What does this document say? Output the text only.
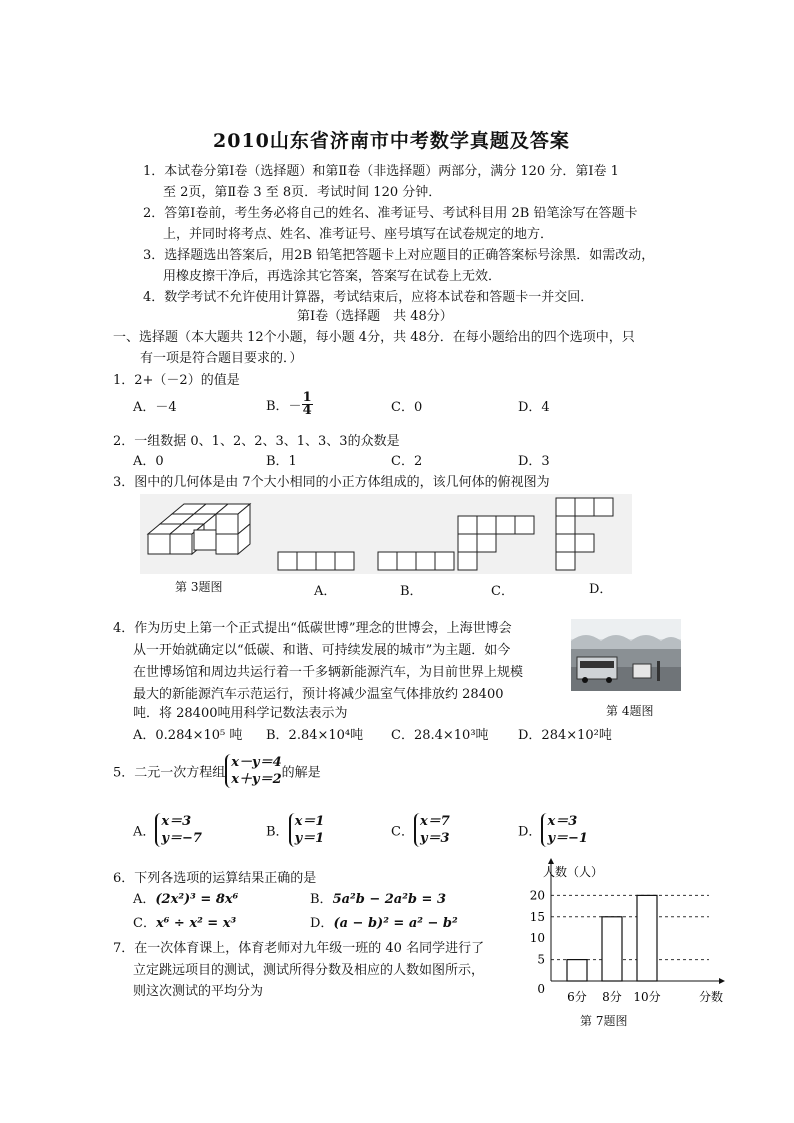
2010山东省济南市中考数学真题及答案
1．本试卷分第Ⅰ卷（选择题）和第Ⅱ卷（非选择题）两部分，满分 120 分．第Ⅰ卷 1
至 2页，第Ⅱ卷 3 至 8页．考试时间 120 分钟．
2．答第Ⅰ卷前，考生务必将自己的姓名、准考证号、考试科目用 2B 铅笔涂写在答题卡
上，并同时将考点、姓名、准考证号、座号填写在试卷规定的地方．
3．选择题选出答案后，用2B 铅笔把答题卡上对应题目的正确答案标号涂黑．如需改动，
用橡皮擦干净后，再选涂其它答案，答案写在试卷上无效．
4．数学考试不允许使用计算器，考试结束后，应将本试卷和答题卡一并交回．
第Ⅰ卷（选择题　共 48分）
一、选择题（本大题共 12个小题，每小题 4分，共 48分．在每小题给出的四个选项中，只
有一项是符合题目要求的．）
1．2+（－2）的值是
A．－4	B．－ $\frac{1}{4}$	C．0	D．4
2．一组数据 0、1、2、2、3、1、3、3的众数是
A．0	B．1	C．2	D．3
3．图中的几何体是由 7个大小相同的小正方体组成的，该几何体的俯视图为
第 3题图	A．	B．	C．	D．
4．作为历史上第一个正式提出“低碳世博”理念的世博会，上海世博会
从一开始就确定以“低碳、和谐、可持续发展的城市”为主题．如今
在世博场馆和周边共运行着一千多辆新能源汽车，为目前世界上规模
最大的新能源汽车示范运行，预计将减少温室气体排放约 28400
吨．将 28400吨用科学记数法表示为	第 4题图
A．0.284×10⁵ 吨 B．2.84×10⁴吨 C．28.4×10³吨 D．284×10²吨
5．二元一次方程组
x－y＝4
x＋y＝2 的解是
A．
x＝3
y＝−7	B．
x＝1
y＝1	C．
x＝7
y＝3	D．
x＝3
y＝−1
6．下列各选项的运算结果正确的是
A．(2x²)³ = 8x⁶	B．5a²b − 2a²b = 3
C．x⁶ ÷ x² = x³	D．(a − b)² = a² − b²
7．在一次体育课上，体育老师对九年级一班的 40 名同学进行了
立定跳远项目的测试，测试所得分数及相应的人数如图所示，
则这次测试的平均分为	0
5
10
15
20
6分 8分 10分
人数（人）
分数
第 7题图
